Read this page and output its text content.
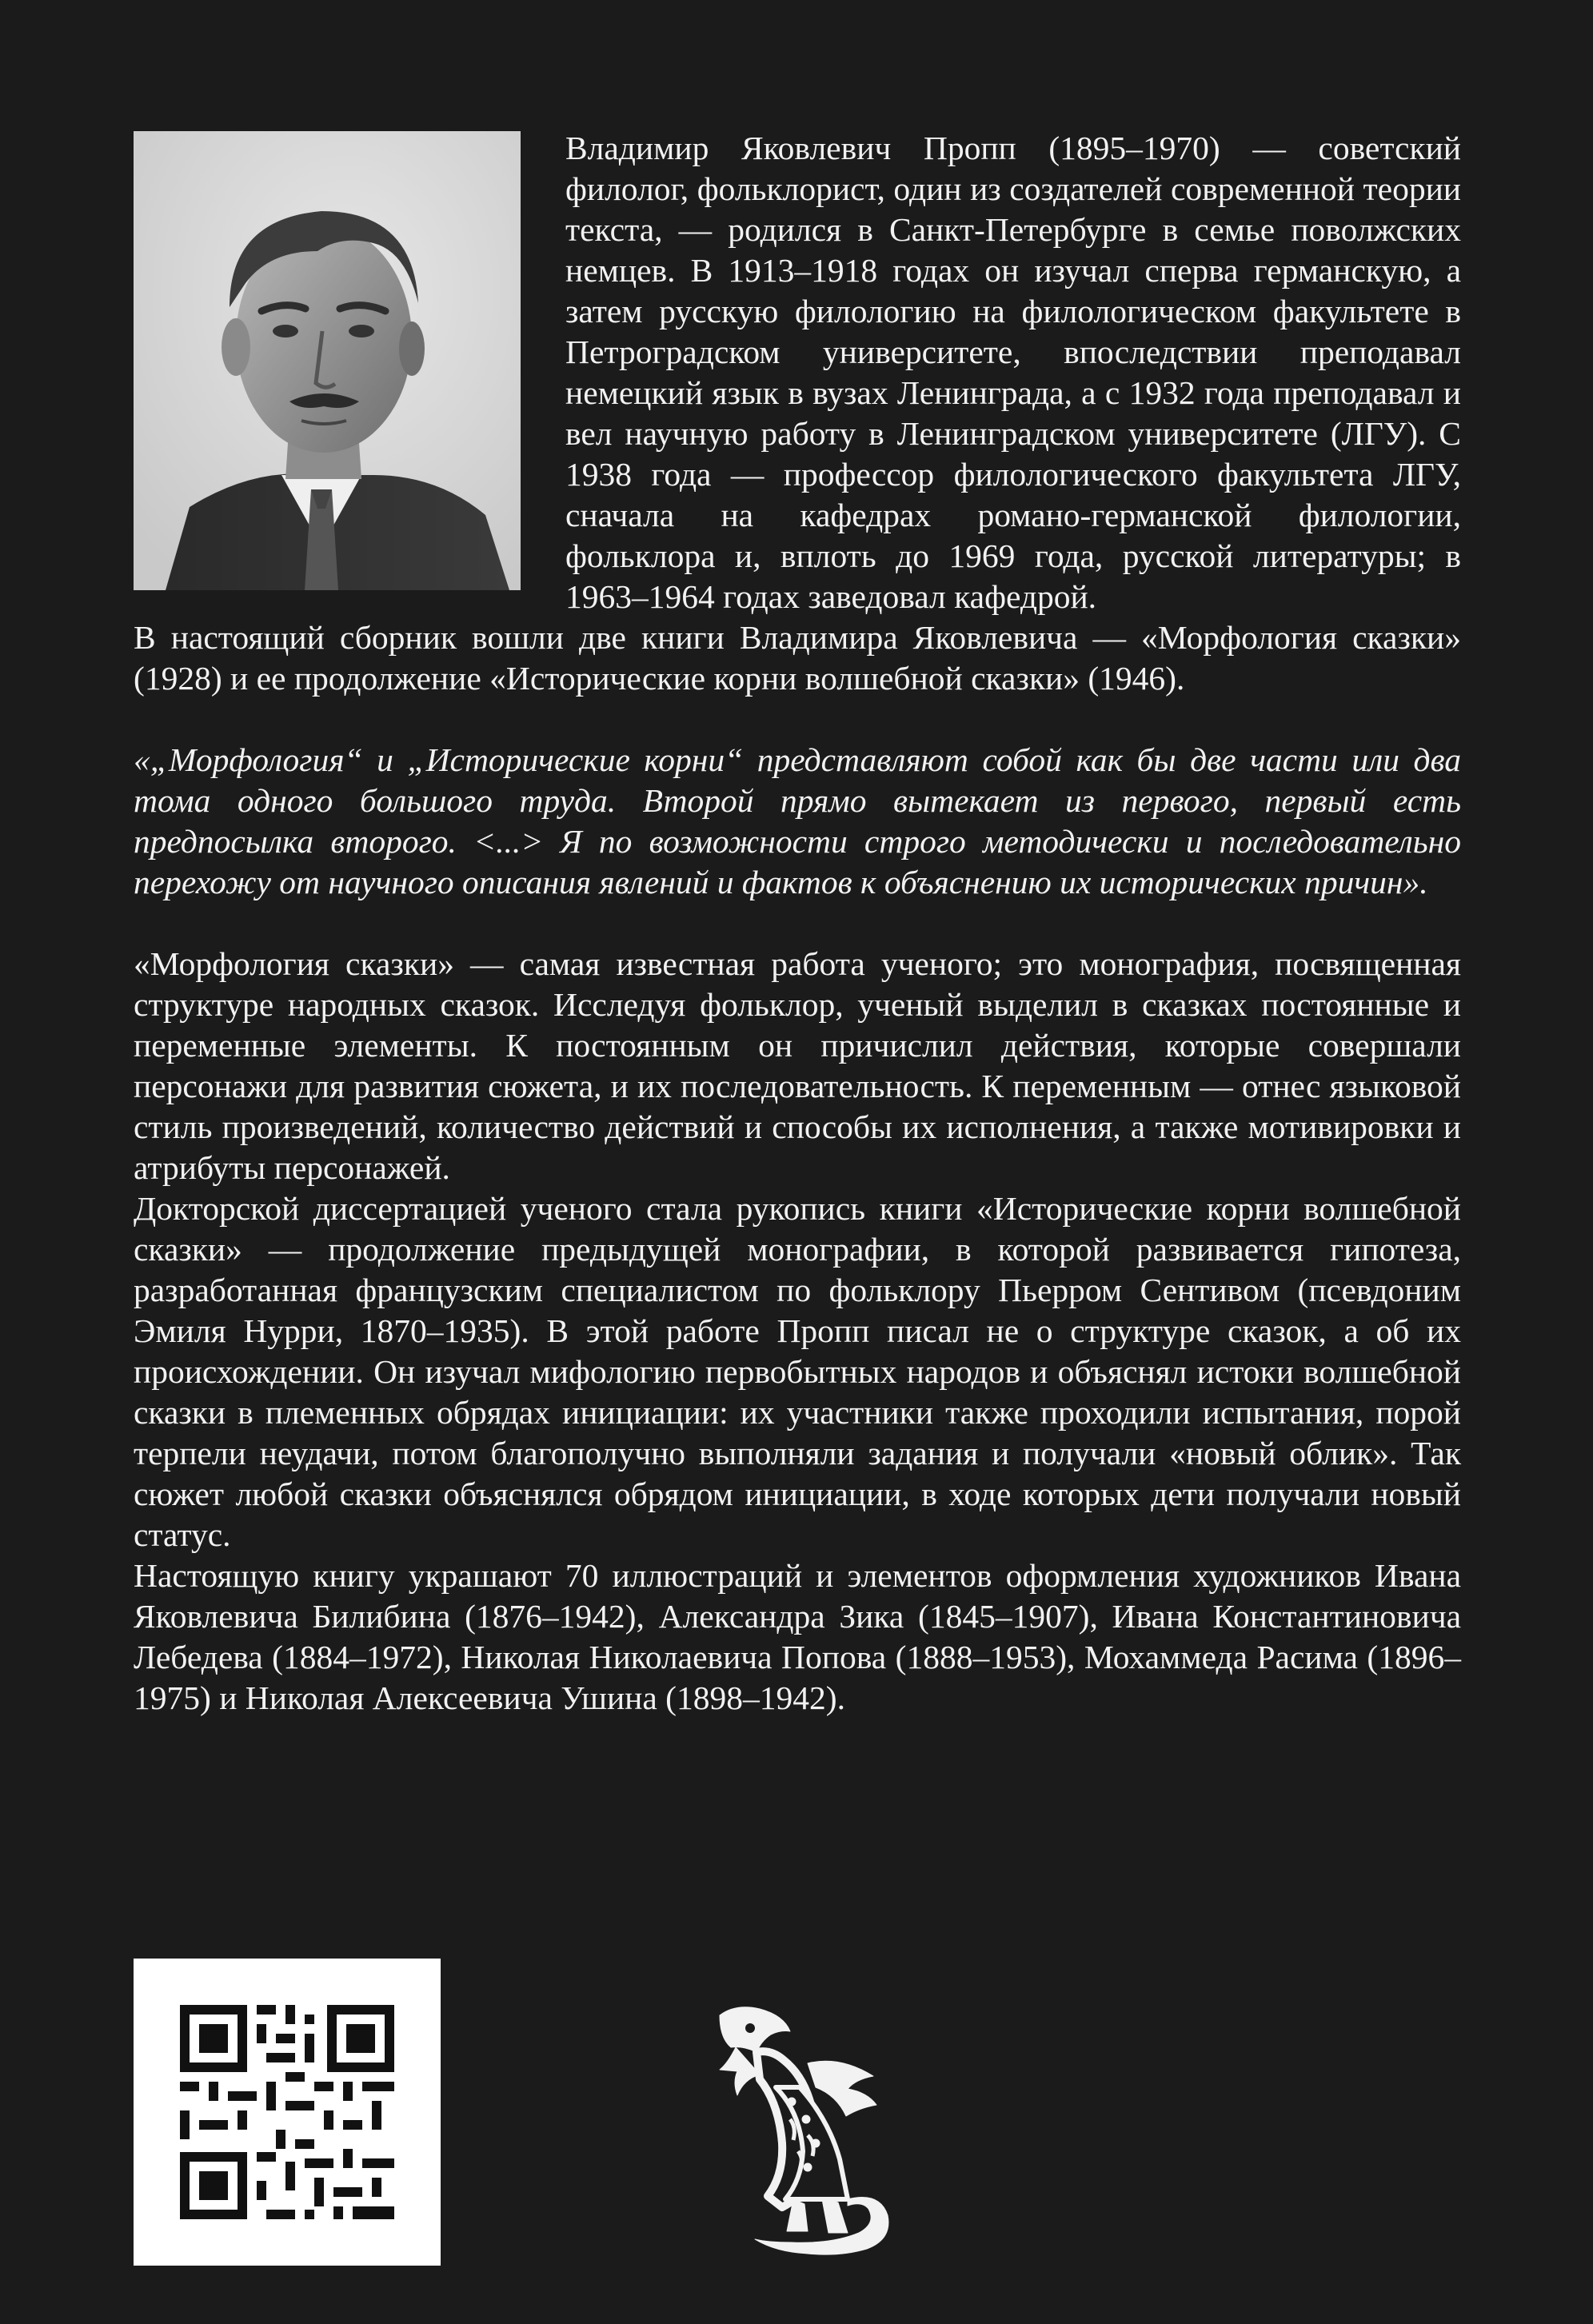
Владимир Яковлевич Пропп (1895–1970) — советский филолог, фольклорист, один из создателей современной теории текста, — родился в Санкт-Петербурге в семье поволжских немцев. В 1913–1918 годах он изучал сперва германскую, а затем русскую филологию на филологическом факультете в Петроградском университете, впоследствии преподавал немецкий язык в вузах Ленинграда, а с 1932 года преподавал и вел научную работу в Ленинградском университете (ЛГУ). С 1938 года — профессор филологического факультета ЛГУ, сначала на кафедрах романо-германской филологии, фольклора и, вплоть до 1969 года, русской литературы; в 1963–1964 годах заведовал кафедрой.

В настоящий сборник вошли две книги Владимира Яковлевича — «Морфология сказки» (1928) и ее продолжение «Исторические корни волшебной сказки» (1946).

«„Морфология“ и „Исторические корни“ представляют собой как бы две части или два тома одного большого труда. Второй прямо вытекает из первого, первый есть предпосылка второго. <...> Я по возможности строго методически и последовательно перехожу от научного описания явлений и фактов к объяснению их исторических причин».

«Морфология сказки» — самая известная работа ученого; это монография, посвященная структуре народных сказок. Исследуя фольклор, ученый выделил в сказках постоянные и переменные элементы. К постоянным он причислил действия, которые совершали персонажи для развития сюжета, и их последовательность. К переменным — отнес языковой стиль произведений, количество действий и способы их исполнения, а также мотивировки и атрибуты персонажей.

Докторской диссертацией ученого стала рукопись книги «Исторические корни волшебной сказки» — продолжение предыдущей монографии, в которой развивается гипотеза, разработанная французским специалистом по фольклору Пьерром Сентивом (псевдоним Эмиля Нурри, 1870–1935). В этой работе Пропп писал не о структуре сказок, а об их происхождении. Он изучал мифологию первобытных народов и объяснял истоки волшебной сказки в племенных обрядах инициации: их участники также проходили испытания, порой терпели неудачи, потом благополучно выполняли задания и получали «новый облик». Так сюжет любой сказки объяснялся обрядом инициации, в ходе которых дети получали новый статус.

Настоящую книгу украшают 70 иллюстраций и элементов оформления художников Ивана Яковлевича Билибина (1876–1942), Александра Зика (1845–1907), Ивана Константиновича Лебедева (1884–1972), Николая Николаевича Попова (1888–1953), Мохаммеда Расима (1896–1975) и Николая Алексеевича Ушина (1898–1942).
